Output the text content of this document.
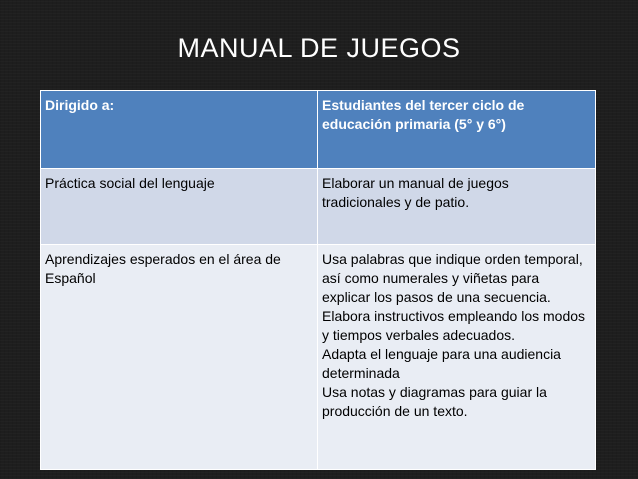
MANUAL DE JUEGOS
Dirigido a:	Estudiantes del tercer ciclo de educación primaria (5° y 6°)
Práctica social del lenguaje	Elaborar un manual de juegos tradicionales y de patio.
Aprendizajes esperados en el área de Español	Usa palabras que indique orden temporal, así como numerales y viñetas para explicar los pasos de una secuencia.
Elabora instructivos empleando los modos y tiempos verbales adecuados.
Adapta el lenguaje para una audiencia determinada
Usa notas y diagramas para guiar la producción de un texto.
